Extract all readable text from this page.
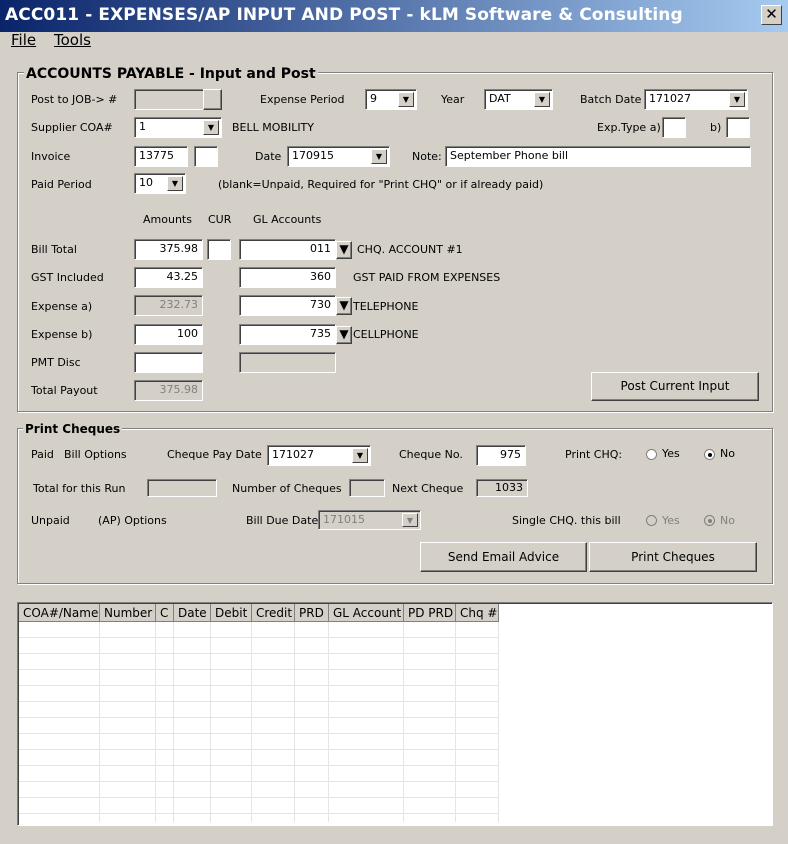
ACC011 - EXPENSES/AP INPUT AND POST - kLM Software & Consulting	✕
File Tools
ACCOUNTS PAYABLE - Input and Post
Post to JOB-> #	Expense Period	9	▼	Year	DAT	▼	Batch Date 171027	▼
Supplier COA#	1	▼	BELL MOBILITY	Exp.Type a)	b)
Invoice	13775	Date 170915	▼	Note: September Phone bill
Paid Period	10	▼	(blank=Unpaid, Required for "Print CHQ" or if already paid)
Amounts CUR GL Accounts
Bill Total	375.98	011 ▼ CHQ. ACCOUNT #1
GST Included	43.25	360	GST PAID FROM EXPENSES
Expense a)	232.73	730 ▼ TELEPHONE
Expense b)	100	735 ▼ CELLPHONE
PMT Disc
Total Payout	375.98	Post Current Input
Print Cheques
Paid Bill Options	Cheque Pay Date 171027	▼	Cheque No.	975	Print CHQ:	Yes	No
Total for this Run	Number of Cheques	Next Cheque	1033
Unpaid	(AP) Options	Bill Due Date 171015	▼	Single CHQ. this bill	Yes	No
Send Email Advice	Print Cheques
COA#/Name Number C Date Debit Credit PRD GL Account PD PRD Chq #
